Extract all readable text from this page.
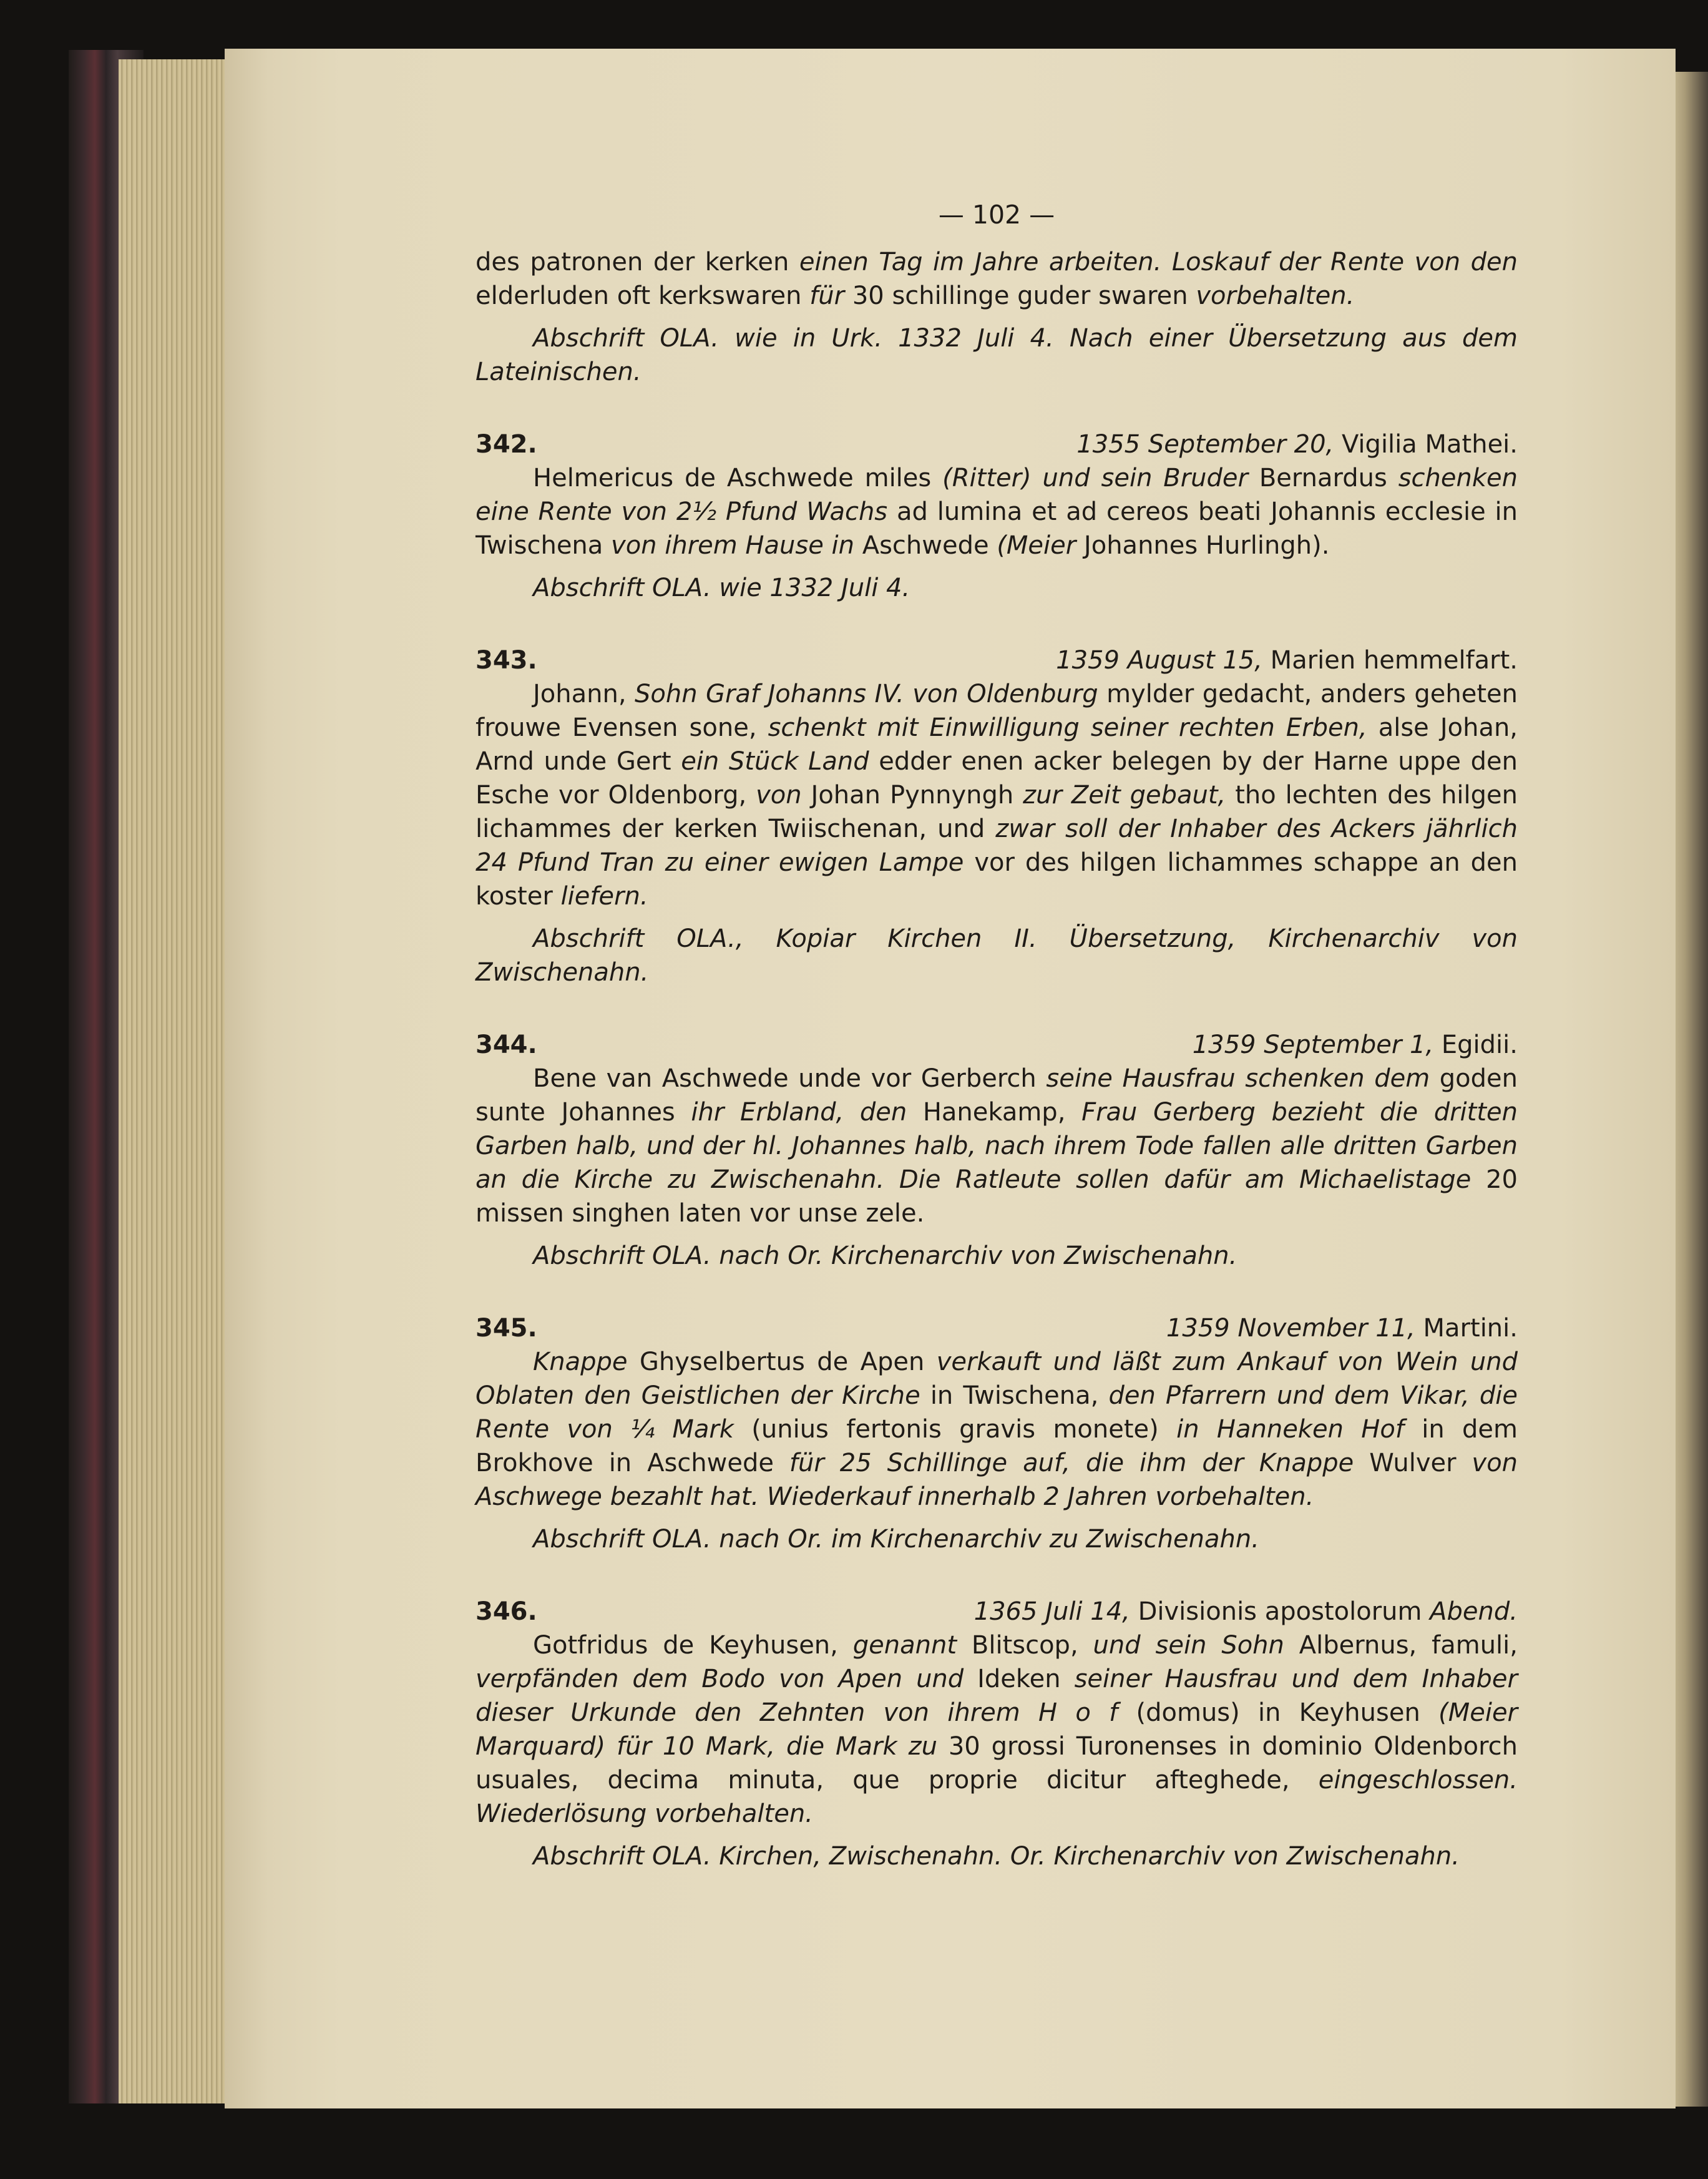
— 102 —

des patronen der kerken einen Tag im Jahre arbeiten. Loskauf der Rente von den elderluden oft kerkswaren für 30 schillinge guder swaren vorbehalten.

Abschrift OLA. wie in Urk. 1332 Juli 4. Nach einer Übersetzung aus dem Lateinischen.

342.	1355 September 20, Vigilia Mathei.

Helmericus de Aschwede miles (Ritter) und sein Bruder Bernardus schenken eine Rente von 2½ Pfund Wachs ad lumina et ad cereos beati Johannis ecclesie in Twischena von ihrem Hause in Aschwede (Meier Johannes Hurlingh).

Abschrift OLA. wie 1332 Juli 4.

343.	1359 August 15, Marien hemmelfart.

Johann, Sohn Graf Johanns IV. von Oldenburg mylder gedacht, anders geheten frouwe Evensen sone, schenkt mit Einwilligung seiner rechten Erben, alse Johan, Arnd unde Gert ein Stück Land edder enen acker belegen by der Harne uppe den Esche vor Oldenborg, von Johan Pynnyngh zur Zeit gebaut, tho lechten des hilgen lichammes der kerken Twiischenan, und zwar soll der Inhaber des Ackers jährlich 24 Pfund Tran zu einer ewigen Lampe vor des hilgen lichammes schappe an den koster liefern.

Abschrift OLA., Kopiar Kirchen II. Übersetzung, Kirchenarchiv von Zwischenahn.

344.	1359 September 1, Egidii.

Bene van Aschwede unde vor Gerberch seine Hausfrau schenken dem goden sunte Johannes ihr Erbland, den Hanekamp, Frau Gerberg bezieht die dritten Garben halb, und der hl. Johannes halb, nach ihrem Tode fallen alle dritten Garben an die Kirche zu Zwischenahn. Die Ratleute sollen dafür am Michaelistage 20 missen singhen laten vor unse zele.

Abschrift OLA. nach Or. Kirchenarchiv von Zwischenahn.

345.	1359 November 11, Martini.

Knappe Ghyselbertus de Apen verkauft und läßt zum Ankauf von Wein und Oblaten den Geistlichen der Kirche in Twischena, den Pfarrern und dem Vikar, die Rente von ¼ Mark (unius fertonis gravis monete) in Hanneken Hof in dem Brokhove in Aschwede für 25 Schillinge auf, die ihm der Knappe Wulver von Aschwege bezahlt hat. Wiederkauf innerhalb 2 Jahren vorbehalten.

Abschrift OLA. nach Or. im Kirchenarchiv zu Zwischenahn.

346.	1365 Juli 14, Divisionis apostolorum Abend.

Gotfridus de Keyhusen, genannt Blitscop, und sein Sohn Albernus, famuli, verpfänden dem Bodo von Apen und Ideken seiner Hausfrau und dem Inhaber dieser Urkunde den Zehnten von ihrem H o f (domus) in Keyhusen (Meier Marquard) für 10 Mark, die Mark zu 30 grossi Turonenses in dominio Oldenborch usuales, decima minuta, que proprie dicitur afteghede, eingeschlossen. Wiederlösung vorbehalten.

Abschrift OLA. Kirchen, Zwischenahn. Or. Kirchenarchiv von Zwischenahn.
